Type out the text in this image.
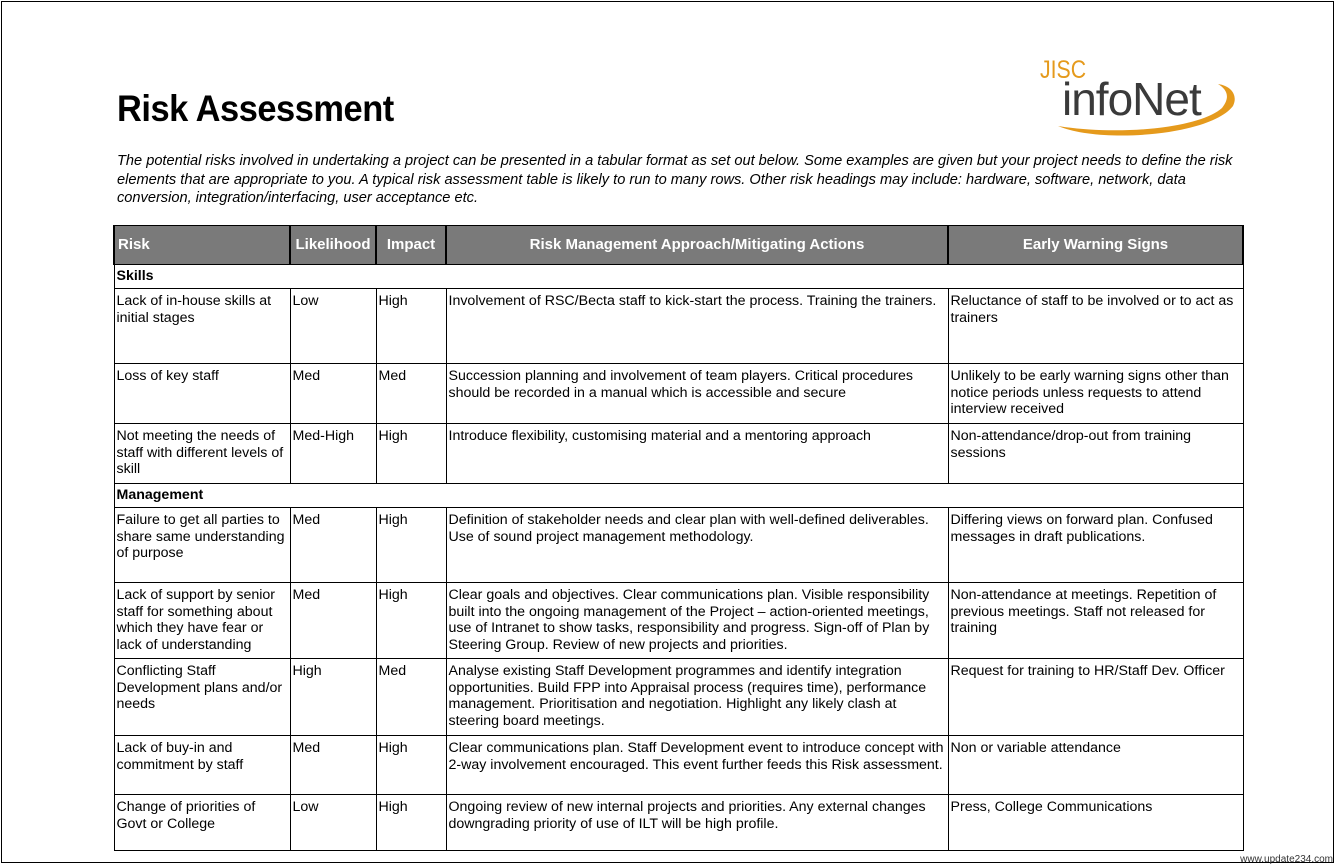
Risk Assessment

The potential risks involved in undertaking a project can be presented in a tabular format as set out below. Some examples are given but your project needs to define the risk elements that are appropriate to you. A typical risk assessment table is likely to run to many rows. Other risk headings may include: hardware, software, network, data conversion, integration/interfacing, user acceptance etc.

JISC
infoNet
Risk	Likelihood	Impact	Risk Management Approach/Mitigating Actions	Early Warning Signs
Skills				
Lack of in-house skills at initial stages	Low	High	Involvement of RSC/Becta staff to kick-start the process. Training the trainers.	Reluctance of staff to be involved or to act as trainers
Loss of key staff	Med	Med	Succession planning and involvement of team players. Critical procedures should be recorded in a manual which is accessible and secure	Unlikely to be early warning signs other than notice periods unless requests to attend interview received
Not meeting the needs of staff with different levels of skill	Med-High	High	Introduce flexibility, customising material and a mentoring approach	Non-attendance/drop-out from training sessions
Management				
Failure to get all parties to share same understanding of purpose	Med	High	Definition of stakeholder needs and clear plan with well-defined deliverables. Use of sound project management methodology.	Differing views on forward plan. Confused messages in draft publications.
Lack of support by senior staff for something about which they have fear or lack of understanding	Med	High	Clear goals and objectives. Clear communications plan. Visible responsibility built into the ongoing management of the Project – action-oriented meetings, use of Intranet to show tasks, responsibility and progress. Sign-off of Plan by Steering Group. Review of new projects and priorities.	Non-attendance at meetings. Repetition of previous meetings. Staff not released for training
Conflicting Staff Development plans and/or needs	High	Med	Analyse existing Staff Development programmes and identify integration opportunities. Build FPP into Appraisal process (requires time), performance management. Prioritisation and negotiation. Highlight any likely clash at steering board meetings.	Request for training to HR/Staff Dev. Officer
Lack of buy-in and commitment by staff	Med	High	Clear communications plan. Staff Development event to introduce concept with 2-way involvement encouraged. This event further feeds this Risk assessment.	Non or variable attendance
Change of priorities of Govt or College	Low	High	Ongoing review of new internal projects and priorities. Any external changes downgrading priority of use of ILT will be high profile.	Press, College Communications
www.update234.com
